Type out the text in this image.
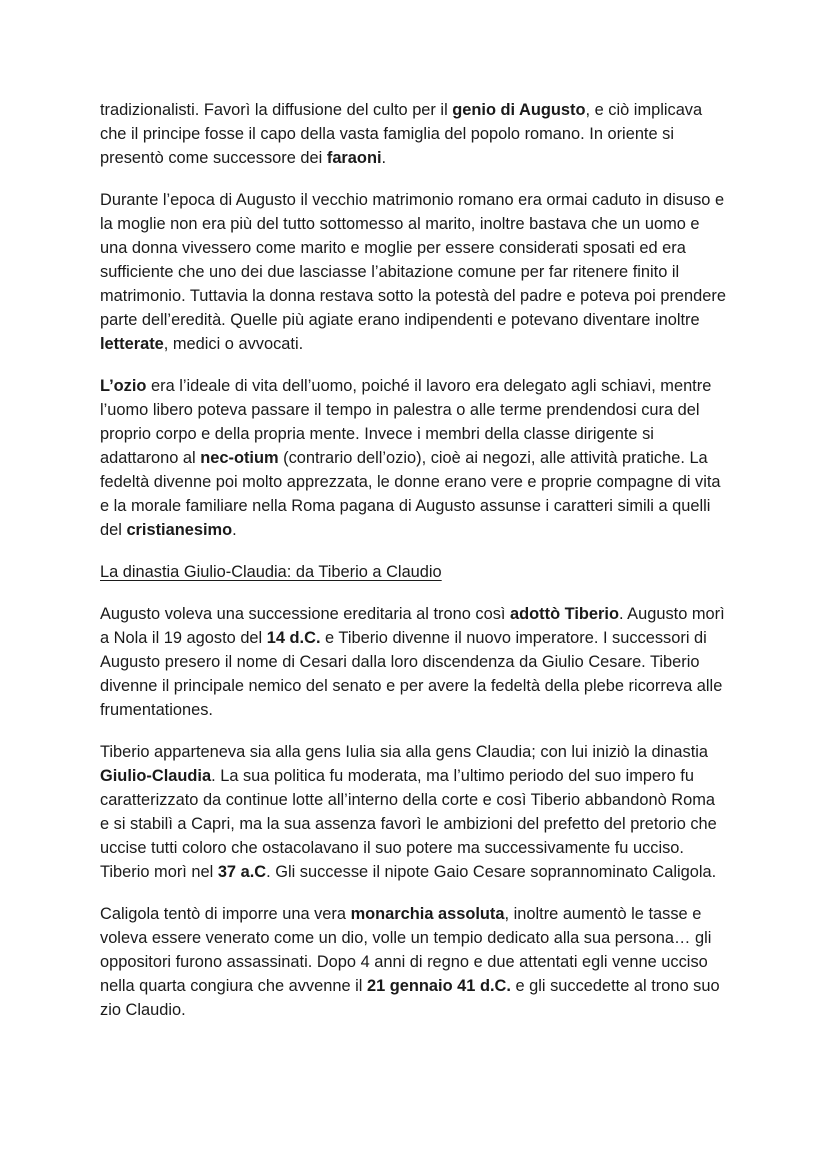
tradizionalisti. Favorì la diffusione del culto per il genio di Augusto, e ciò implicava che il principe fosse il capo della vasta famiglia del popolo romano. In oriente si presentò come successore dei faraoni.

Durante l’epoca di Augusto il vecchio matrimonio romano era ormai caduto in disuso e la moglie non era più del tutto sottomesso al marito, inoltre bastava che un uomo e una donna vivessero come marito e moglie per essere considerati sposati ed era sufficiente che uno dei due lasciasse l’abitazione comune per far ritenere finito il matrimonio. Tuttavia la donna restava sotto la potestà del padre e poteva poi prendere parte dell’eredità. Quelle più agiate erano indipendenti e potevano diventare inoltre letterate, medici o avvocati.

L’ozio era l’ideale di vita dell’uomo, poiché il lavoro era delegato agli schiavi, mentre l’uomo libero poteva passare il tempo in palestra o alle terme prendendosi cura del proprio corpo e della propria mente. Invece i membri della classe dirigente si adattarono al nec-otium (contrario dell’ozio), cioè ai negozi, alle attività pratiche. La fedeltà divenne poi molto apprezzata, le donne erano vere e proprie compagne di vita e la morale familiare nella Roma pagana di Augusto assunse i caratteri simili a quelli del cristianesimo.

La dinastia Giulio-Claudia: da Tiberio a Claudio

Augusto voleva una successione ereditaria al trono così adottò Tiberio. Augusto morì a Nola il 19 agosto del 14 d.C. e Tiberio divenne il nuovo imperatore. I successori di Augusto presero il nome di Cesari dalla loro discendenza da Giulio Cesare. Tiberio divenne il principale nemico del senato e per avere la fedeltà della plebe ricorreva alle frumentationes.

Tiberio apparteneva sia alla gens Iulia sia alla gens Claudia; con lui iniziò la dinastia Giulio-Claudia. La sua politica fu moderata, ma l’ultimo periodo del suo impero fu caratterizzato da continue lotte all’interno della corte e così Tiberio abbandonò Roma e si stabilì a Capri, ma la sua assenza favorì le ambizioni del prefetto del pretorio che uccise tutti coloro che ostacolavano il suo potere ma successivamente fu ucciso. Tiberio morì nel 37 a.C. Gli successe il nipote Gaio Cesare soprannominato Caligola.

Caligola tentò di imporre una vera monarchia assoluta, inoltre aumentò le tasse e voleva essere venerato come un dio, volle un tempio dedicato alla sua persona… gli oppositori furono assassinati. Dopo 4 anni di regno e due attentati egli venne ucciso nella quarta congiura che avvenne il 21 gennaio 41 d.C. e gli succedette al trono suo zio Claudio.
